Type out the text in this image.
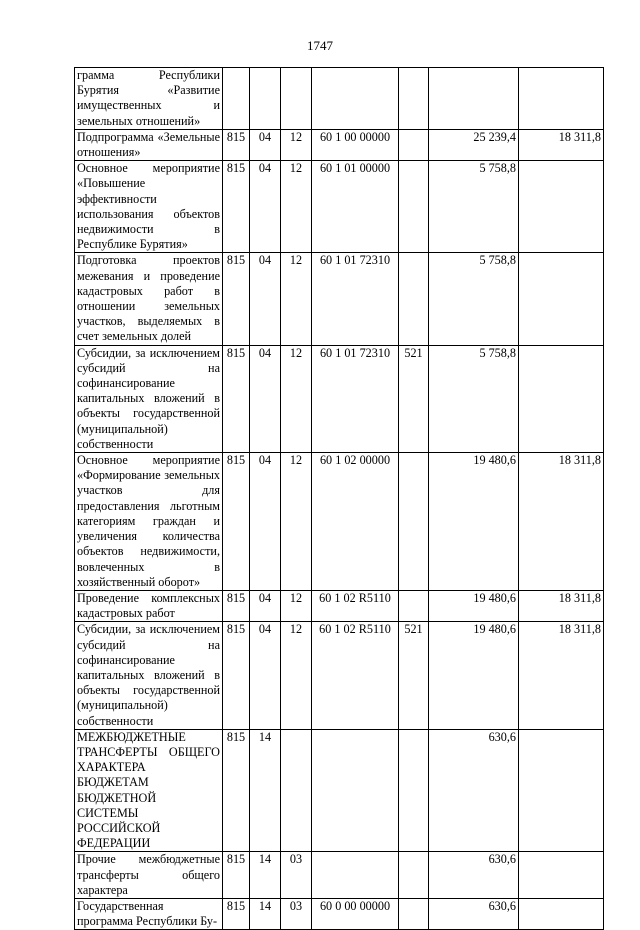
1747
грамма Республики Бурятия «Развитие имущественных и земельных отношений»							
Подпрограмма «Земельные отношения»	815	04	12	60 1 00 00000		25 239,4	18 311,8
Основное мероприятие «Повышение эффективности использования объектов недвижимости в Республике Бурятия»	815	04	12	60 1 01 00000		5 758,8	
Подготовка проектов межевания и проведение кадастровых работ в отношении земельных участков, выделяемых в счет земельных долей	815	04	12	60 1 01 72310		5 758,8	
Субсидии, за исключением субсидий на софинансирование капитальных вложений в объекты государственной (муниципальной) собственности	815	04	12	60 1 01 72310	521	5 758,8	
Основное мероприятие «Формирование земельных участков для предоставления льготным категориям граждан и увеличения количества объектов недвижимости, вовлеченных в хозяйственный оборот»	815	04	12	60 1 02 00000		19 480,6	18 311,8
Проведение комплексных кадастровых работ	815	04	12	60 1 02 R5110		19 480,6	18 311,8
Субсидии, за исключением субсидий на софинансирование капитальных вложений в объекты государственной (муниципальной) собственности	815	04	12	60 1 02 R5110	521	19 480,6	18 311,8
МЕЖБЮДЖЕТНЫЕ ТРАНСФЕРТЫ ОБЩЕГО ХАРАКТЕРА БЮДЖЕТАМ БЮДЖЕТНОЙ СИСТЕМЫ РОССИЙСКОЙ ФЕДЕРАЦИИ	815	14				630,6	
Прочие межбюджетные трансферты общего характера	815	14	03			630,6	
Государственная программа Республики Бу-	815	14	03	60 0 00 00000		630,6	
